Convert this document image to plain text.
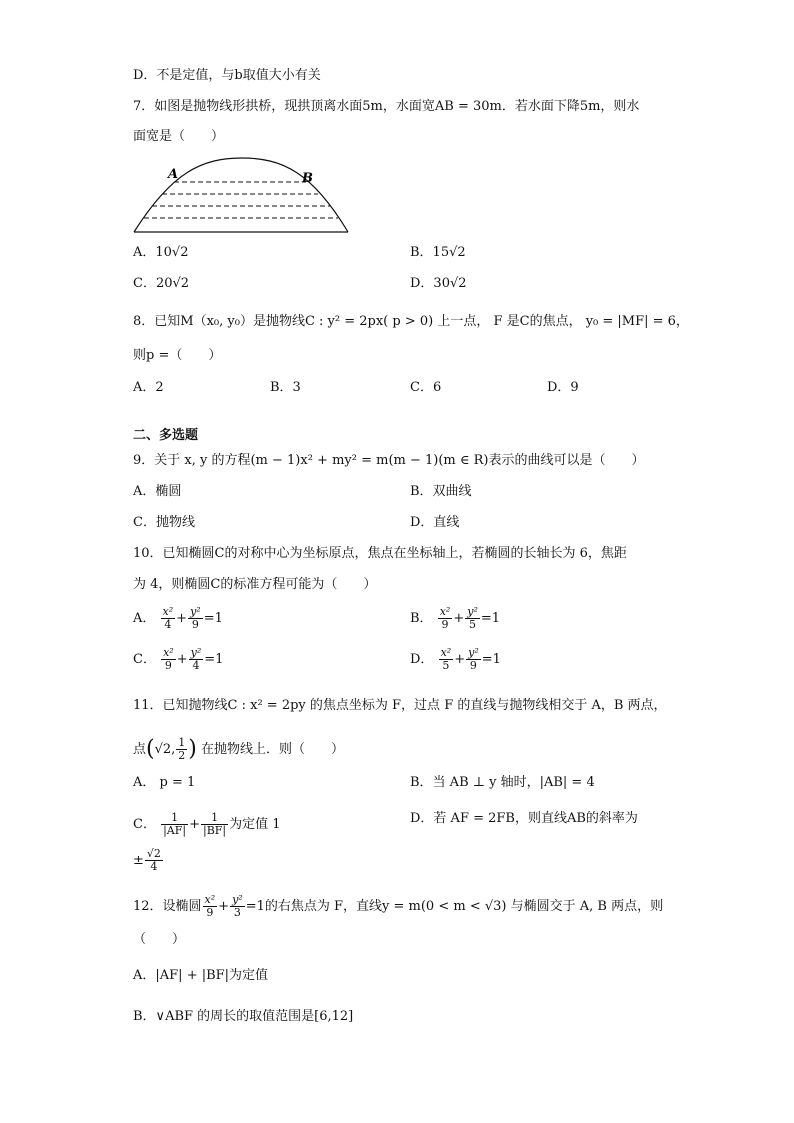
D．不是定值，与b取值大小有关
7．如图是抛物线形拱桥，现拱顶离水面5m，水面宽AB = 30m．若水面下降5m，则水
面宽是（　　）
A	B
A．10√2	B．15√2
C．20√2	D．30√2
8．已知M（x₀, y₀）是抛物线C : y² = 2px( p > 0) 上一点， F 是C的焦点， y₀ = |MF| = 6，
则p =（　　）
A．2	B．3	C．6	D．9
二、多选题
9．关于 x, y 的方程(m − 1)x² + my² = m(m − 1)(m ∈ R)表示的曲线可以是（　　）
A．椭圆	B．双曲线
C．抛物线	D．直线
10．已知椭圆C的对称中心为坐标原点，焦点在坐标轴上，若椭圆的长轴长为 6，焦距
为 4，则椭圆C的标准方程可能为（　　）
A． $\frac{\text{x²}}{4} + \frac{\text{y²}}{9} =1$	B． $\frac{\text{x²}}{9} + \frac{\text{y²}}{5} =1$
C． $\frac{\text{x²}}{9} + \frac{\text{y²}}{4} =1$	D． $\frac{\text{x²}}{5} + \frac{\text{y²}}{9} =1$
11．已知抛物线C : x² = 2py 的焦点坐标为 F，过点 F 的直线与抛物线相交于 A，B 两点，
点(√2, $\frac{1}{2}$ ) 在抛物线上．则（　　）
A． p = 1	B．当 AB ⊥ y 轴时，|AB| = 4
C． $\frac{1}{|AF|} + \frac{1}{|BF|}$ 为定值 1	D．若 AF = 2FB，则直线AB的斜率为
± $\frac{√2}{4}$
12．设椭圆 $\frac{\text{x²}}{9} + \frac{\text{y²}}{3} =1$的右焦点为 F，直线y = m(0 < m < √3) 与椭圆交于 A, B 两点，则
（　　）
A．|AF| + |BF|为定值
B．∨ABF 的周长的取值范围是[6,12]
